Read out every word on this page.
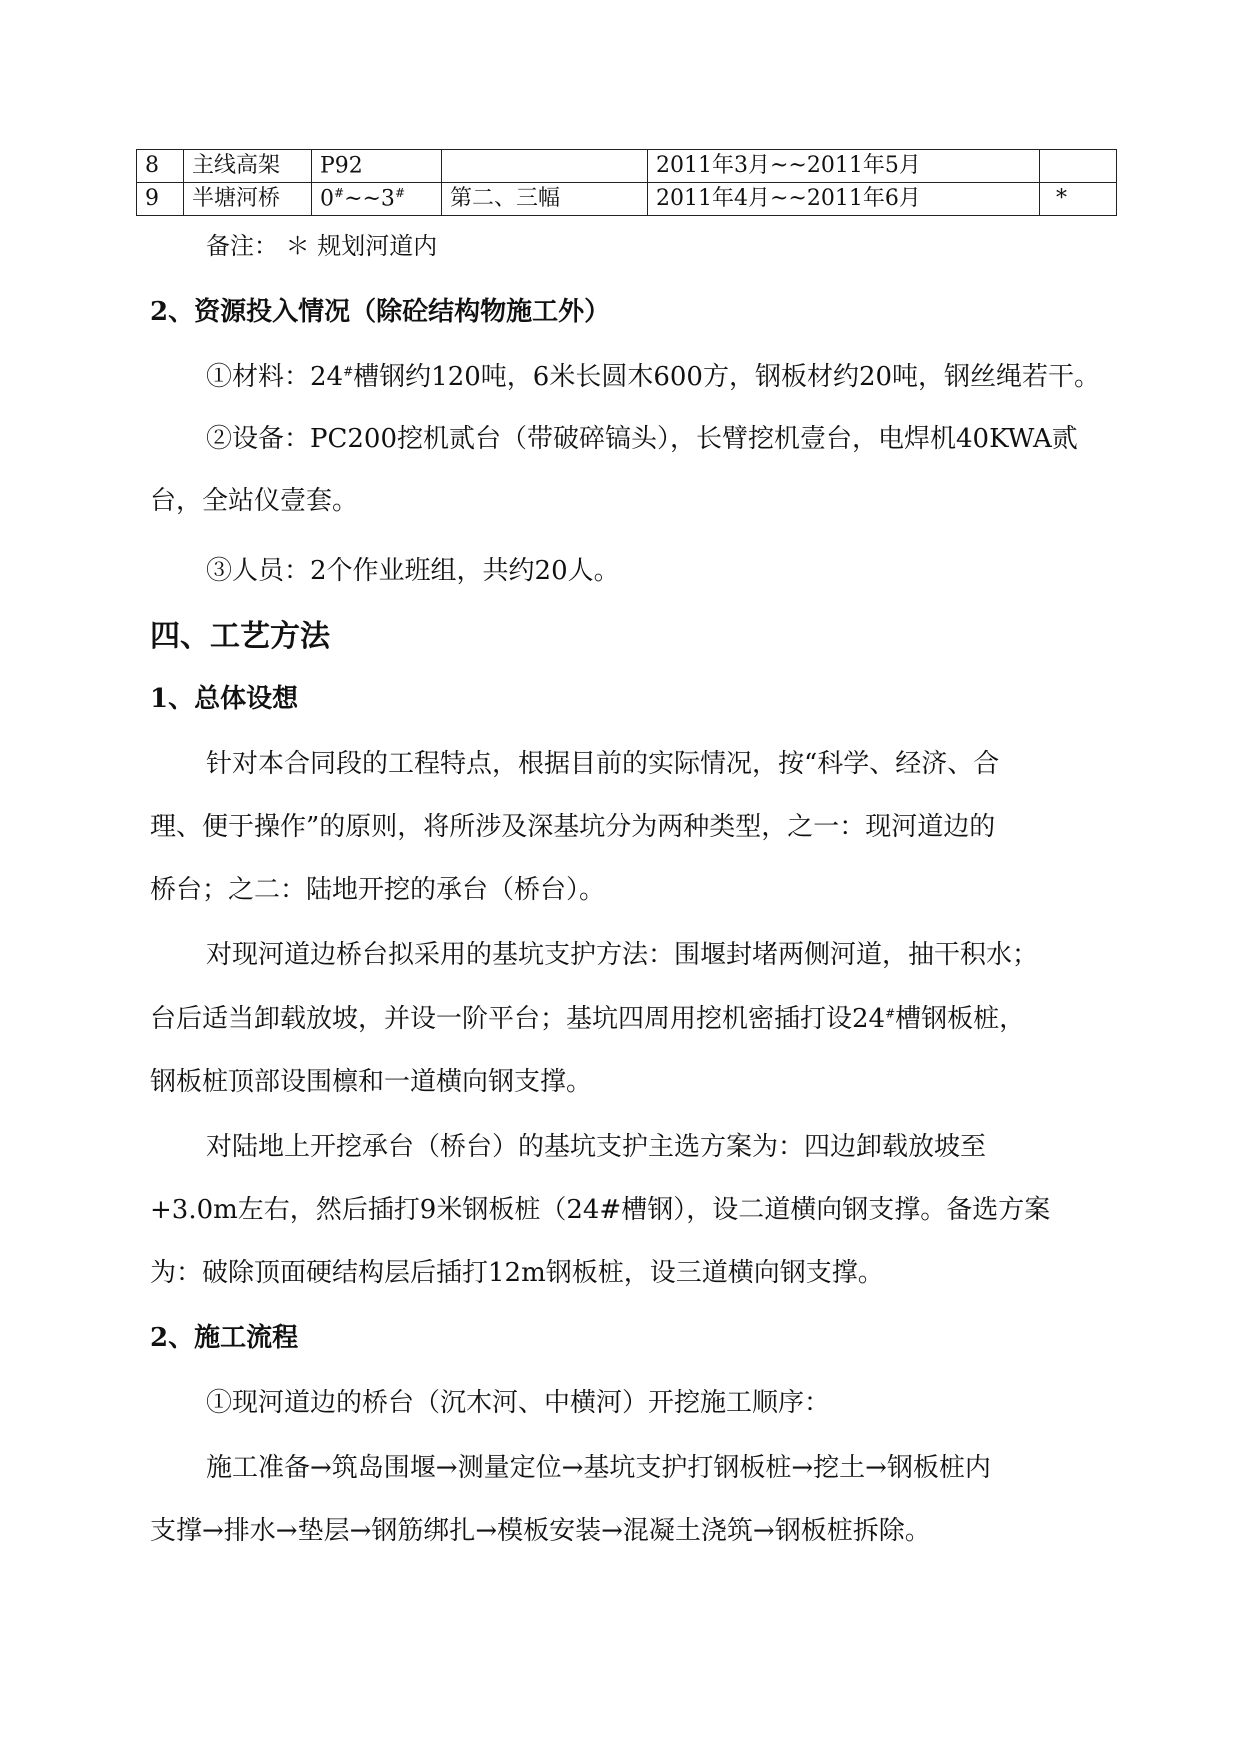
8	主线高架	P92		2011年3月~~2011年5月	
9	半塘河桥	0#~~3#	第二、三幅	2011年4月~~2011年6月	*
备注： ＊ 规划河道内
2、资源投入情况（除砼结构物施工外）
①材料：24#槽钢约120吨，6米长圆木600方，钢板材约20吨，钢丝绳若干。
②设备：PC200挖机贰台（带破碎镐头），长臂挖机壹台，电焊机40KWA贰
台，全站仪壹套。
③人员：2个作业班组，共约20人。
四、工艺方法
1、总体设想
针对本合同段的工程特点，根据目前的实际情况，按“科学、经济、合
理、便于操作”的原则，将所涉及深基坑分为两种类型，之一：现河道边的
桥台；之二：陆地开挖的承台（桥台）。
对现河道边桥台拟采用的基坑支护方法：围堰封堵两侧河道，抽干积水；
台后适当卸载放坡，并设一阶平台；基坑四周用挖机密插打设24#槽钢板桩，
钢板桩顶部设围檩和一道横向钢支撑。
对陆地上开挖承台（桥台）的基坑支护主选方案为：四边卸载放坡至
+3.0m左右，然后插打9米钢板桩（24#槽钢），设二道横向钢支撑。备选方案
为：破除顶面硬结构层后插打12m钢板桩，设三道横向钢支撑。
2、施工流程
①现河道边的桥台（沉木河、中横河）开挖施工顺序：
施工准备→筑岛围堰→测量定位→基坑支护打钢板桩→挖土→钢板桩内
支撑→排水→垫层→钢筋绑扎→模板安装→混凝土浇筑→钢板桩拆除。
